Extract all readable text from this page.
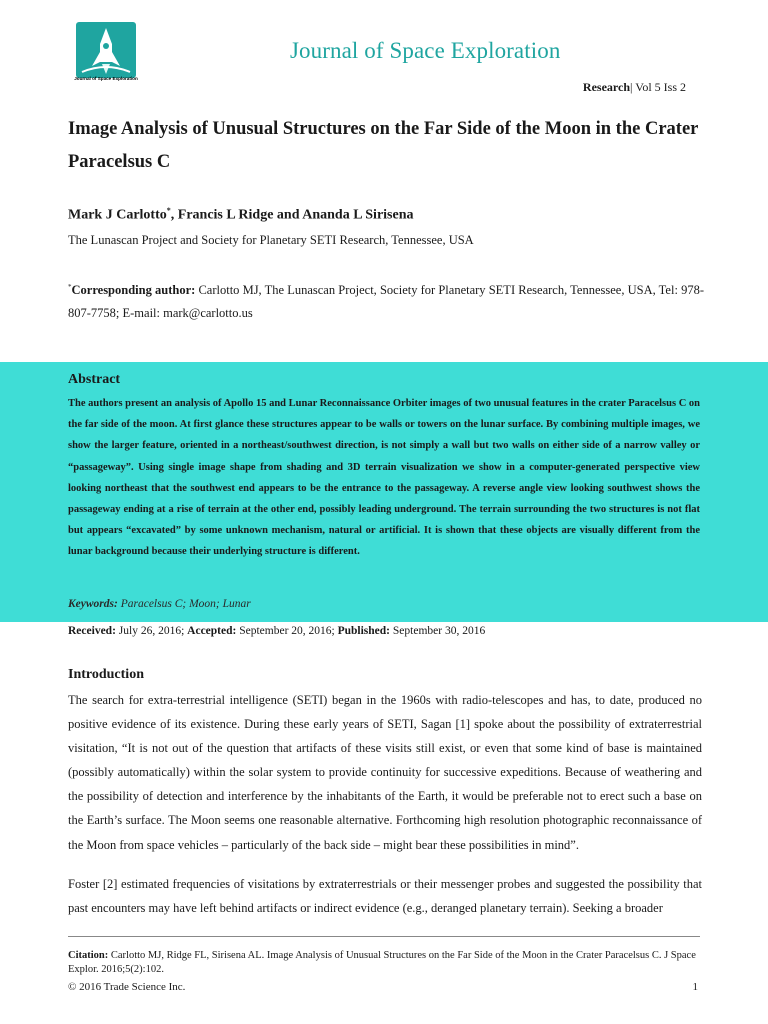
Journal of Space Exploration
Journal of Space Exploration
Research| Vol 5 Iss 2
Image Analysis of Unusual Structures on the Far Side of the Moon in the Crater Paracelsus C
Mark J Carlotto*, Francis L Ridge and Ananda L Sirisena
The Lunascan Project and Society for Planetary SETI Research, Tennessee, USA
*Corresponding author: Carlotto MJ, The Lunascan Project, Society for Planetary SETI Research, Tennessee, USA, Tel: 978-807-7758; E-mail: mark@carlotto.us
Abstract
The authors present an analysis of Apollo 15 and Lunar Reconnaissance Orbiter images of two unusual features in the crater Paracelsus C on the far side of the moon. At first glance these structures appear to be walls or towers on the lunar surface. By combining multiple images, we show the larger feature, oriented in a northeast/southwest direction, is not simply a wall but two walls on either side of a narrow valley or “passageway”. Using single image shape from shading and 3D terrain visualization we show in a computer-generated perspective view looking northeast that the southwest end appears to be the entrance to the passageway. A reverse angle view looking southwest shows the passageway ending at a rise of terrain at the other end, possibly leading underground. The terrain surrounding the two structures is not flat but appears “excavated” by some unknown mechanism, natural or artificial. It is shown that these objects are visually different from the lunar background because their underlying structure is different.
Keywords: Paracelsus C; Moon; Lunar
Received: July 26, 2016; Accepted: September 20, 2016; Published: September 30, 2016
Introduction
The search for extra-terrestrial intelligence (SETI) began in the 1960s with radio-telescopes and has, to date, produced no positive evidence of its existence. During these early years of SETI, Sagan [1] spoke about the possibility of extraterrestrial visitation, “It is not out of the question that artifacts of these visits still exist, or even that some kind of base is maintained (possibly automatically) within the solar system to provide continuity for successive expeditions. Because of weathering and the possibility of detection and interference by the inhabitants of the Earth, it would be preferable not to erect such a base on the Earth’s surface. The Moon seems one reasonable alternative. Forthcoming high resolution photographic reconnaissance of the Moon from space vehicles – particularly of the back side – might bear these possibilities in mind”.
Foster [2] estimated frequencies of visitations by extraterrestrials or their messenger probes and suggested the possibility that past encounters may have left behind artifacts or indirect evidence (e.g., deranged planetary terrain). Seeking a broader
Citation: Carlotto MJ, Ridge FL, Sirisena AL. Image Analysis of Unusual Structures on the Far Side of the Moon in the Crater Paracelsus C. J Space Explor. 2016;5(2):102.
© 2016 Trade Science Inc.	1
